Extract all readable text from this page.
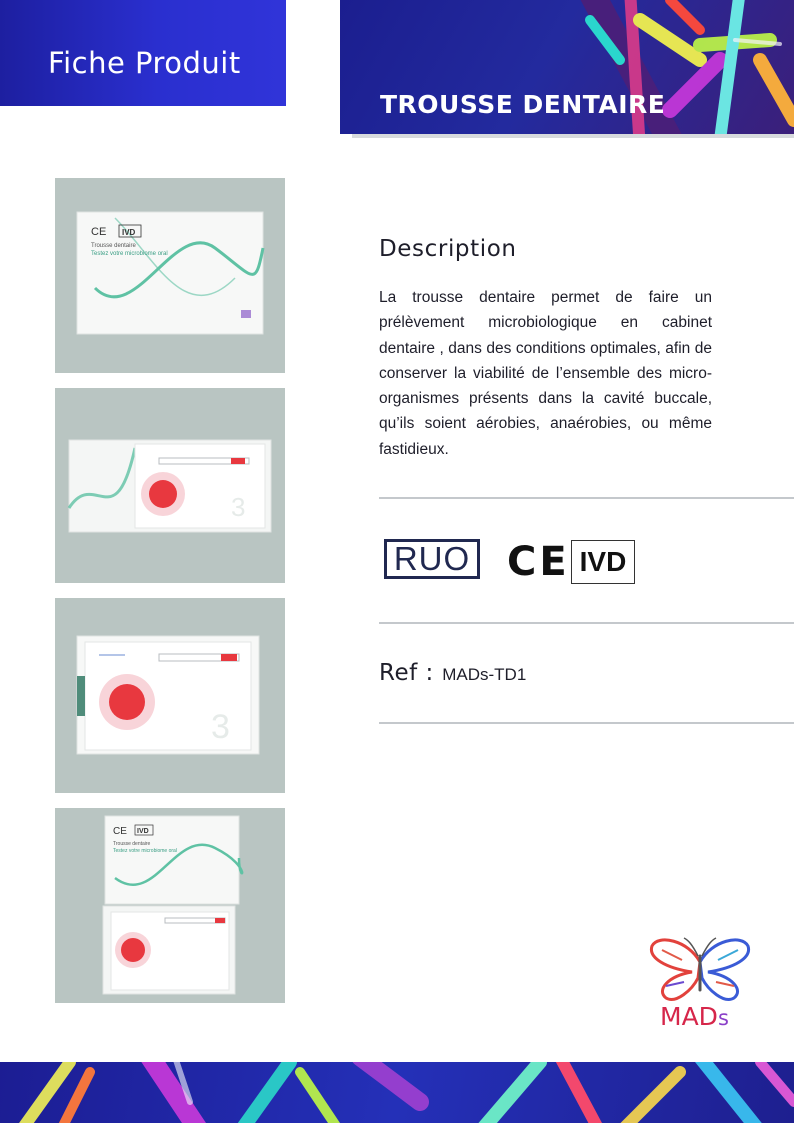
Fiche Produit
TROUSSE DENTAIRE
CE IVD
Trousse dentaire
Testez votre microbiome oral
3
3
CE IVD
Trousse dentaire
Testez votre microbiome oral
Description

La trousse dentaire permet de faire un prélèvement microbiologique en cabinet dentaire , dans des conditions optimales, afin de conserver la viabilité de l’ensemble des micro-organismes présents dans la cavité buccale, qu’ils soient aérobies, anaérobies, ou même fastidieux.

RUO CE IVD
Ref : MADs-TD1
MADs
